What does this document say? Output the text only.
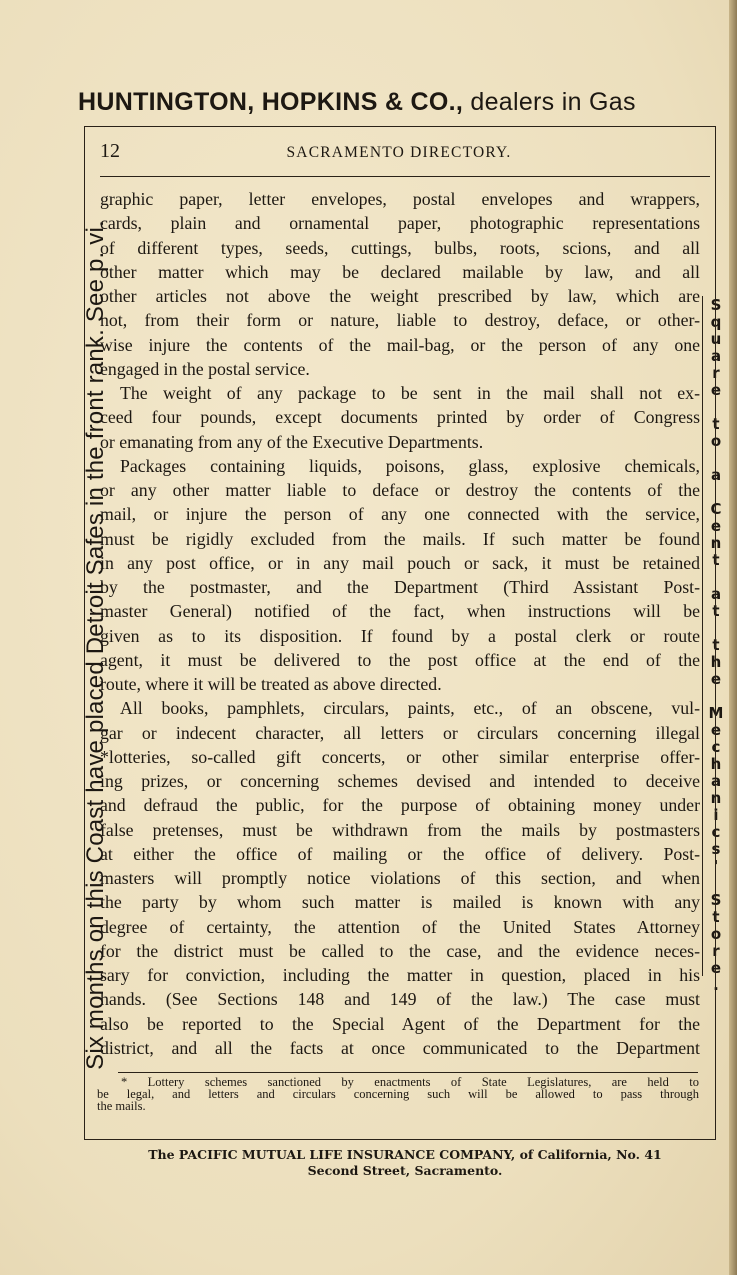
HUNTINGTON, HOPKINS & CO., dealers in Gas
Six months on this Coast have placed Detroit Safes in the front rank. See p. vi.	S
q
u
a
r
e

t
o

a

C
e
n
t

a
t

t
h
e

M
e
c
h
a
n
i
c
s
'

S
t
o
r
e
.
12	SACRAMENTO DIRECTORY.
graphic paper, letter envelopes, postal envelopes and wrappers,
cards, plain and ornamental paper, photographic representations
of different types, seeds, cuttings, bulbs, roots, scions, and all
other matter which may be declared mailable by law, and all
other articles not above the weight prescribed by law, which are
not, from their form or nature, liable to destroy, deface, or other-
wise injure the contents of the mail-bag, or the person of any one
engaged in the postal service.
The weight of any package to be sent in the mail shall not ex-
ceed four pounds, except documents printed by order of Congress
or emanating from any of the Executive Departments.
Packages containing liquids, poisons, glass, explosive chemicals,
or any other matter liable to deface or destroy the contents of the
mail, or injure the person of any one connected with the service,
must be rigidly excluded from the mails. If such matter be found
in any post office, or in any mail pouch or sack, it must be retained
by the postmaster, and the Department (Third Assistant Post-
master General) notified of the fact, when instructions will be
given as to its disposition. If found by a postal clerk or route
agent, it must be delivered to the post office at the end of the
route, where it will be treated as above directed.
All books, pamphlets, circulars, paints, etc., of an obscene, vul-
gar or indecent character, all letters or circulars concerning illegal
*lotteries, so-called gift concerts, or other similar enterprise offer-
ing prizes, or concerning schemes devised and intended to deceive
and defraud the public, for the purpose of obtaining money under
false pretenses, must be withdrawn from the mails by postmasters
at either the office of mailing or the office of delivery. Post-
masters will promptly notice violations of this section, and when
the party by whom such matter is mailed is known with any
degree of certainty, the attention of the United States Attorney
for the district must be called to the case, and the evidence neces-
sary for conviction, including the matter in question, placed in his
hands. (See Sections 148 and 149 of the law.) The case must
also be reported to the Special Agent of the Department for the
district, and all the facts at once communicated to the Department
* Lottery schemes sanctioned by enactments of State Legislatures, are held to
be legal, and letters and circulars concerning such will be allowed to pass through
the mails.
The PACIFIC MUTUAL LIFE INSURANCE COMPANY, of California, No. 41
Second Street, Sacramento.
